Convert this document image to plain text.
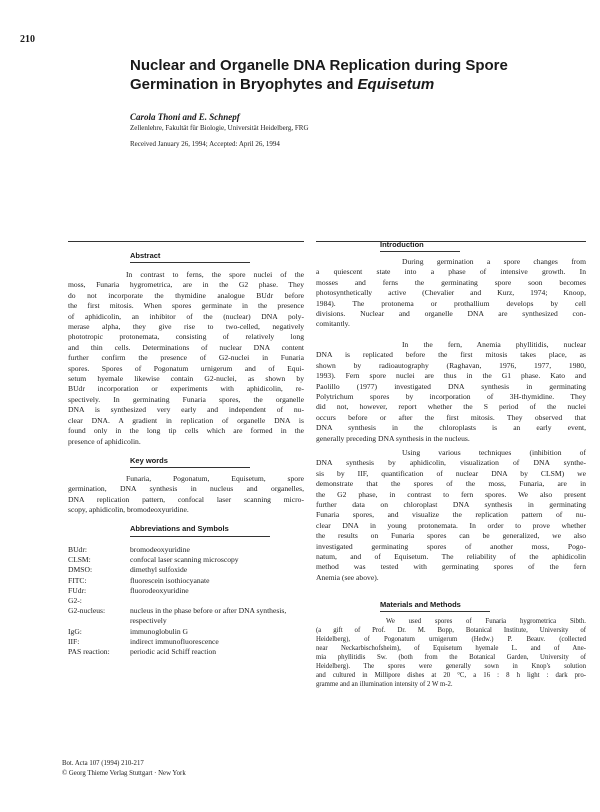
210
Nuclear and Organelle DNA Replication during Spore
Germination in Bryophytes and Equisetum
Carola Thoni and E. Schnepf
Zellenlehre, Fakultät für Biologie, Universität Heidelberg, FRG
Received January 26, 1994; Accepted: April 26, 1994
Abstract
In contrast to ferns, the spore nuclei of the
moss, Funaria hygrometrica, are in the G2 phase. They
do not incorporate the thymidine analogue BUdr before
the first mitosis. When spores germinate in the presence
of aphidicolin, an inhibitor of the (nuclear) DNA poly-
merase alpha, they give rise to two-celled, negatively
phototropic protonemata, consisting of relatively long
and thin cells. Determinations of nuclear DNA content
further confirm the presence of G2-nuclei in Funaria
spores. Spores of Pogonatum urnigerum and of Equi-
setum hyemale likewise contain G2-nuclei, as shown by
BUdr incorporation or experiments with aphidicolin, re-
spectively. In germinating Funaria spores, the organelle
DNA is synthesized very early and independent of nu-
clear DNA. A gradient in replication of organelle DNA is
found only in the long tip cells which are formed in the
presence of aphidicolin.
Key words
Funaria, Pogonatum, Equisetum, spore
germination, DNA synthesis in nucleus and organelles,
DNA replication pattern, confocal laser scanning micro-
scopy, aphidicolin, bromodeoxyuridine.
Abbreviations and Symbols
BUdr:	bromodeoxyuridine
CLSM:	confocal laser scanning microscopy
DMSO:	dimethyl sulfoxide
FITC:	fluorescein isothiocyanate
FUdr:	fluorodeoxyuridine
G2-:
G2-nucleus:	nucleus in the phase before or after DNA synthesis, respectively
IgG:	immunoglobulin G
IIF:	indirect immunofluorescence
PAS reaction:	periodic acid Schiff reaction
Bot. Acta 107 (1994) 210-217
© Georg Thieme Verlag Stuttgart · New York
Introduction
During germination a spore changes from
a quiescent state into a phase of intensive growth. In
mosses and ferns the germinating spore soon becomes
photosynthetically active (Chevalier and Kurz, 1974; Knoop,
1984). The protonema or prothallium develops by cell
divisions. Nuclear and organelle DNA are synthesized con-
comitantly.
In the fern, Anemia phyllitidis, nuclear
DNA is replicated before the first mitosis takes place, as
shown by radioautography (Raghavan, 1976, 1977, 1980,
1993). Fern spore nuclei are thus in the G1 phase. Kato and
Paolillo (1977) investigated DNA synthesis in germinating
Polytrichum spores by incorporation of 3H-thymidine. They
did not, however, report whether the S period of the nuclei
occurs before or after the first mitosis. They observed that
DNA synthesis in the chloroplasts is an early event,
generally preceding DNA synthesis in the nucleus.
Using various techniques (inhibition of
DNA synthesis by aphidicolin, visualization of DNA synthe-
sis by IIF, quantification of nuclear DNA by CLSM) we
demonstrate that the spores of the moss, Funaria, are in
the G2 phase, in contrast to fern spores. We also present
further data on chloroplast DNA synthesis in germinating
Funaria spores, and visualize the replication pattern of nu-
clear DNA in young protonemata. In order to prove whether
the results on Funaria spores can be generalized, we also
investigated germinating spores of another moss, Pogo-
natum, and of Equisetum. The reliability of the aphidicolin
method was tested with germinating spores of the fern
Anemia (see above).
Materials and Methods
We used spores of Funaria hygrometrica Sibth.
(a gift of Prof. Dr. M. Bopp, Botanical Institute, University of
Heidelberg), of Pogonatum urnigerum (Hedw.) P. Beauv. (collected
near Neckarbischofsheim), of Equisetum hyemale L. and of Ane-
mia phyllitidis Sw. (both from the Botanical Garden, University of
Heidelberg). The spores were generally sown in Knop's solution
and cultured in Millipore dishes at 20 °C, a 16 : 8 h light : dark pro-
gramme and an illumination intensity of 2 W m-2.
